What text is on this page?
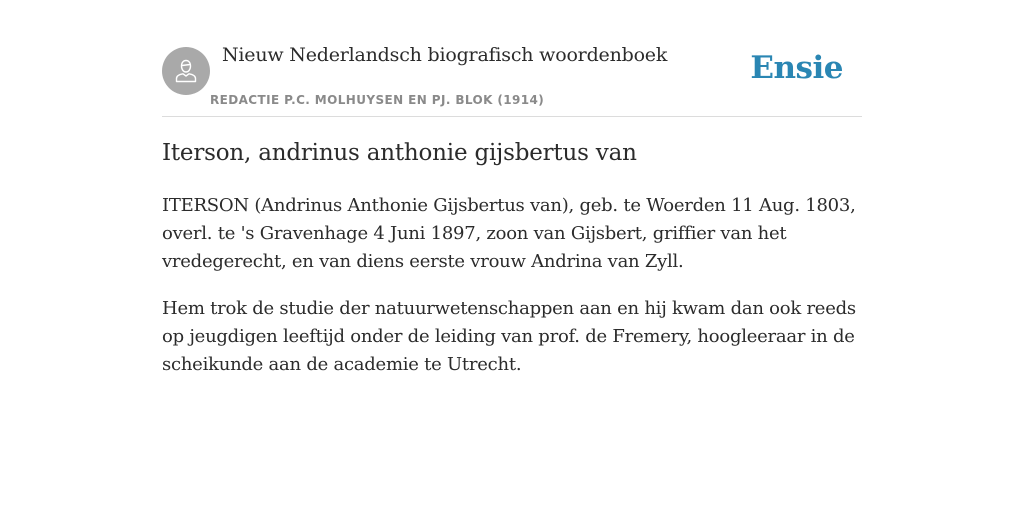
Nieuw Nederlandsch biografisch woordenboek
REDACTIE P.C. MOLHUYSEN EN PJ. BLOK (1914)
Ensie
Iterson, andrinus anthonie gijsbertus van

ITERSON (Andrinus Anthonie Gijsbertus van), geb. te Woerden 11 Aug. 1803, overl. te 's Gravenhage 4 Juni 1897, zoon van Gijsbert, griffier van het vredegerecht, en van diens eerste vrouw Andrina van Zyll.

Hem trok de studie der natuurwetenschappen aan en hij kwam dan ook reeds op jeugdigen leeftijd onder de leiding van prof. de Fremery, hoogleeraar in de scheikunde aan de academie te Utrecht.
